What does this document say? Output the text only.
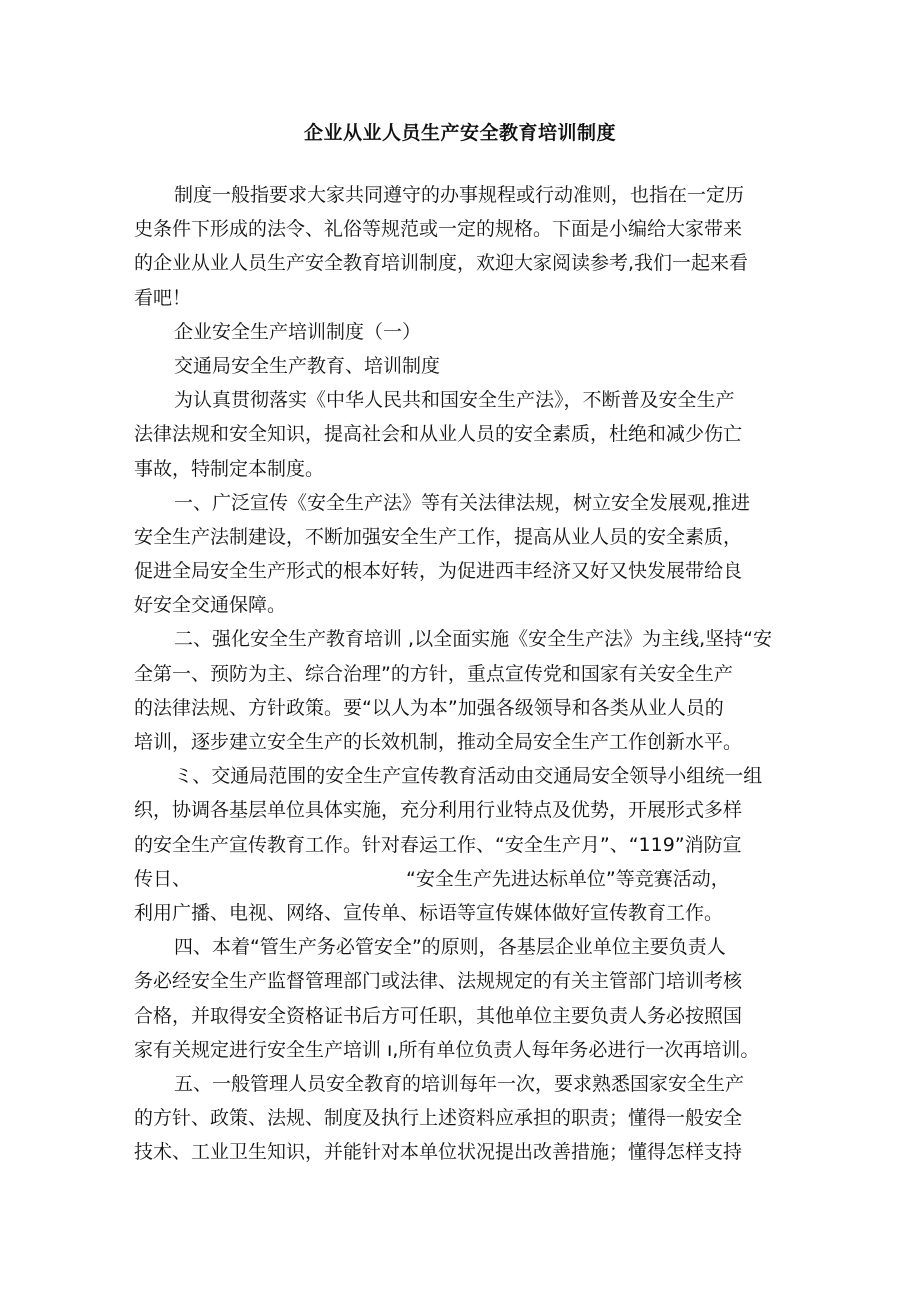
企业从业人员生产安全教育培训制度
制度一般指要求大家共同遵守的办事规程或行动准则，也指在一定历
史条件下形成的法令、礼俗等规范或一定的规格。下面是小编给大家带来
的企业从业人员生产安全教育培训制度，欢迎大家阅读参考,我们一起来看
看吧！
企业安全生产培训制度（一）
交通局安全生产教育、培训制度
为认真贯彻落实《中华人民共和国安全生产法》，不断普及安全生产
法律法规和安全知识，提高社会和从业人员的安全素质，杜绝和减少伤亡
事故，特制定本制度。
一、广泛宣传《安全生产法》等有关法律法规，树立安全发展观,推进
安全生产法制建设，不断加强安全生产工作，提高从业人员的安全素质，
促进全局安全生产形式的根本好转，为促进西丰经济又好又快发展带给良
好安全交通保障。
二、强化安全生产教育培训 ,以全面实施《安全生产法》为主线,坚持“安
全第一、预防为主、综合治理”的方针，重点宣传党和国家有关安全生产
的法律法规、方针政策。要“以人为本”加强各级领导和各类从业人员的
培训，逐步建立安全生产的长效机制，推动全局安全生产工作创新水平。
ミ、交通局范围的安全生产宣传教育活动由交通局安全领导小组统一组
织，协调各基层单位具体实施，充分利用行业特点及优势，开展形式多样
的安全生产宣传教育工作。针对春运工作、“安全生产月”、“119”消防宣
传日、	“安全生产先进达标单位”等竞赛活动，
利用广播、电视、网络、宣传单、标语等宣传媒体做好宣传教育工作。
四、本着“管生产务必管安全”的原则，各基层企业单位主要负责人
务必经安全生产监督管理部门或法律、法规规定的有关主管部门培训考核
合格，并取得安全资格证书后方可任职，其他单位主要负责人务必按照国
家有关规定进行安全生产培训 ı,所有单位负责人每年务必进行一次再培训。
五、一般管理人员安全教育的培训每年一次，要求熟悉国家安全生产
的方针、政策、法规、制度及执行上述资料应承担的职责；懂得一般安全
技术、工业卫生知识，并能针对本单位状况提出改善措施；懂得怎样支持
